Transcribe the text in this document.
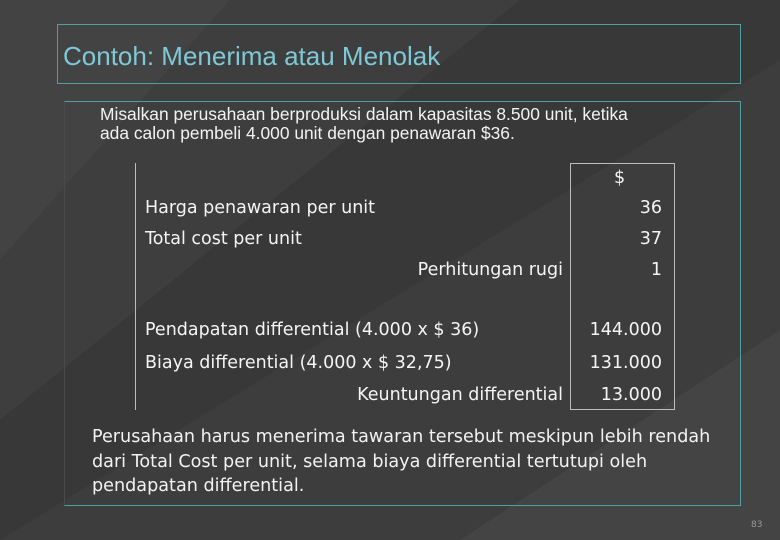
Contoh: Menerima atau Menolak
Misalkan perusahaan berproduksi dalam kapasitas 8.500 unit, ketika
ada calon pembeli 4.000 unit dengan penawaran $36.
$
Harga penawaran per unit	36
Total cost per unit	37
Perhitungan rugi	1
Pendapatan differential (4.000 x $ 36)	144.000
Biaya differential (4.000 x $ 32,75)	131.000
Keuntungan differential	13.000
Perusahaan harus menerima tawaran tersebut meskipun lebih rendah
dari Total Cost per unit, selama biaya differential tertutupi oleh
pendapatan differential.
83
